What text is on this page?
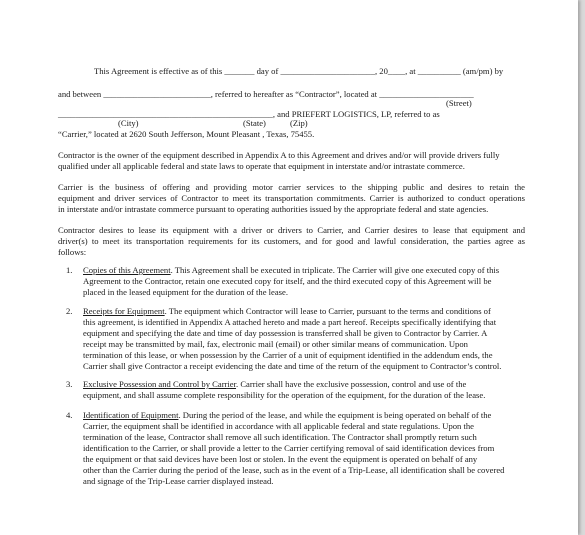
This Agreement is effective as of this _______ day of ______________________, 20____, at __________ (am/pm) by
and between _________________________, referred to hereafter as “Contractor”, located at ______________________
(Street)
__________________________________________________, and PRIEFERT LOGISTICS, LP, referred to as
(City)	(State)	(Zip)
“Carrier,” located at 2620 South Jefferson, Mount Pleasant , Texas, 75455.
Contractor is the owner of the equipment described in Appendix A to this Agreement and drives and/or will provide drivers fully
qualified under all applicable federal and state laws to operate that equipment in interstate and/or intrastate commerce.
Carrier is the business of offering and providing motor carrier services to the shipping public and desires to retain the
equipment and driver services of Contractor to meet its transportation commitments. Carrier is authorized to conduct operations
in interstate and/or intrastate commerce pursuant to operating authorities issued by the appropriate federal and state agencies.
Contractor desires to lease its equipment with a driver or drivers to Carrier, and Carrier desires to lease that equipment and
driver(s) to meet its transportation requirements for its customers, and for good and lawful consideration, the parties agree as
follows:
1. Copies of this Agreement. This Agreement shall be executed in triplicate. The Carrier will give one executed copy of this
Agreement to the Contractor, retain one executed copy for itself, and the third executed copy of this Agreement will be
placed in the leased equipment for the duration of the lease.
2. Receipts for Equipment. The equipment which Contractor will lease to Carrier, pursuant to the terms and conditions of
this agreement, is identified in Appendix A attached hereto and made a part hereof. Receipts specifically identifying that
equipment and specifying the date and time of day possession is transferred shall be given to Contractor by Carrier. A
receipt may be transmitted by mail, fax, electronic mail (email) or other similar means of communication. Upon
termination of this lease, or when possession by the Carrier of a unit of equipment identified in the addendum ends, the
Carrier shall give Contractor a receipt evidencing the date and time of the return of the equipment to Contractor’s control.
3. Exclusive Possession and Control by Carrier. Carrier shall have the exclusive possession, control and use of the
equipment, and shall assume complete responsibility for the operation of the equipment, for the duration of the lease.
4. Identification of Equipment. During the period of the lease, and while the equipment is being operated on behalf of the
Carrier, the equipment shall be identified in accordance with all applicable federal and state regulations. Upon the
termination of the lease, Contractor shall remove all such identification. The Contractor shall promptly return such
identification to the Carrier, or shall provide a letter to the Carrier certifying removal of said identification devices from
the equipment or that said devices have been lost or stolen. In the event the equipment is operated on behalf of any
other than the Carrier during the period of the lease, such as in the event of a Trip-Lease, all identification shall be covered
and signage of the Trip-Lease carrier displayed instead.
